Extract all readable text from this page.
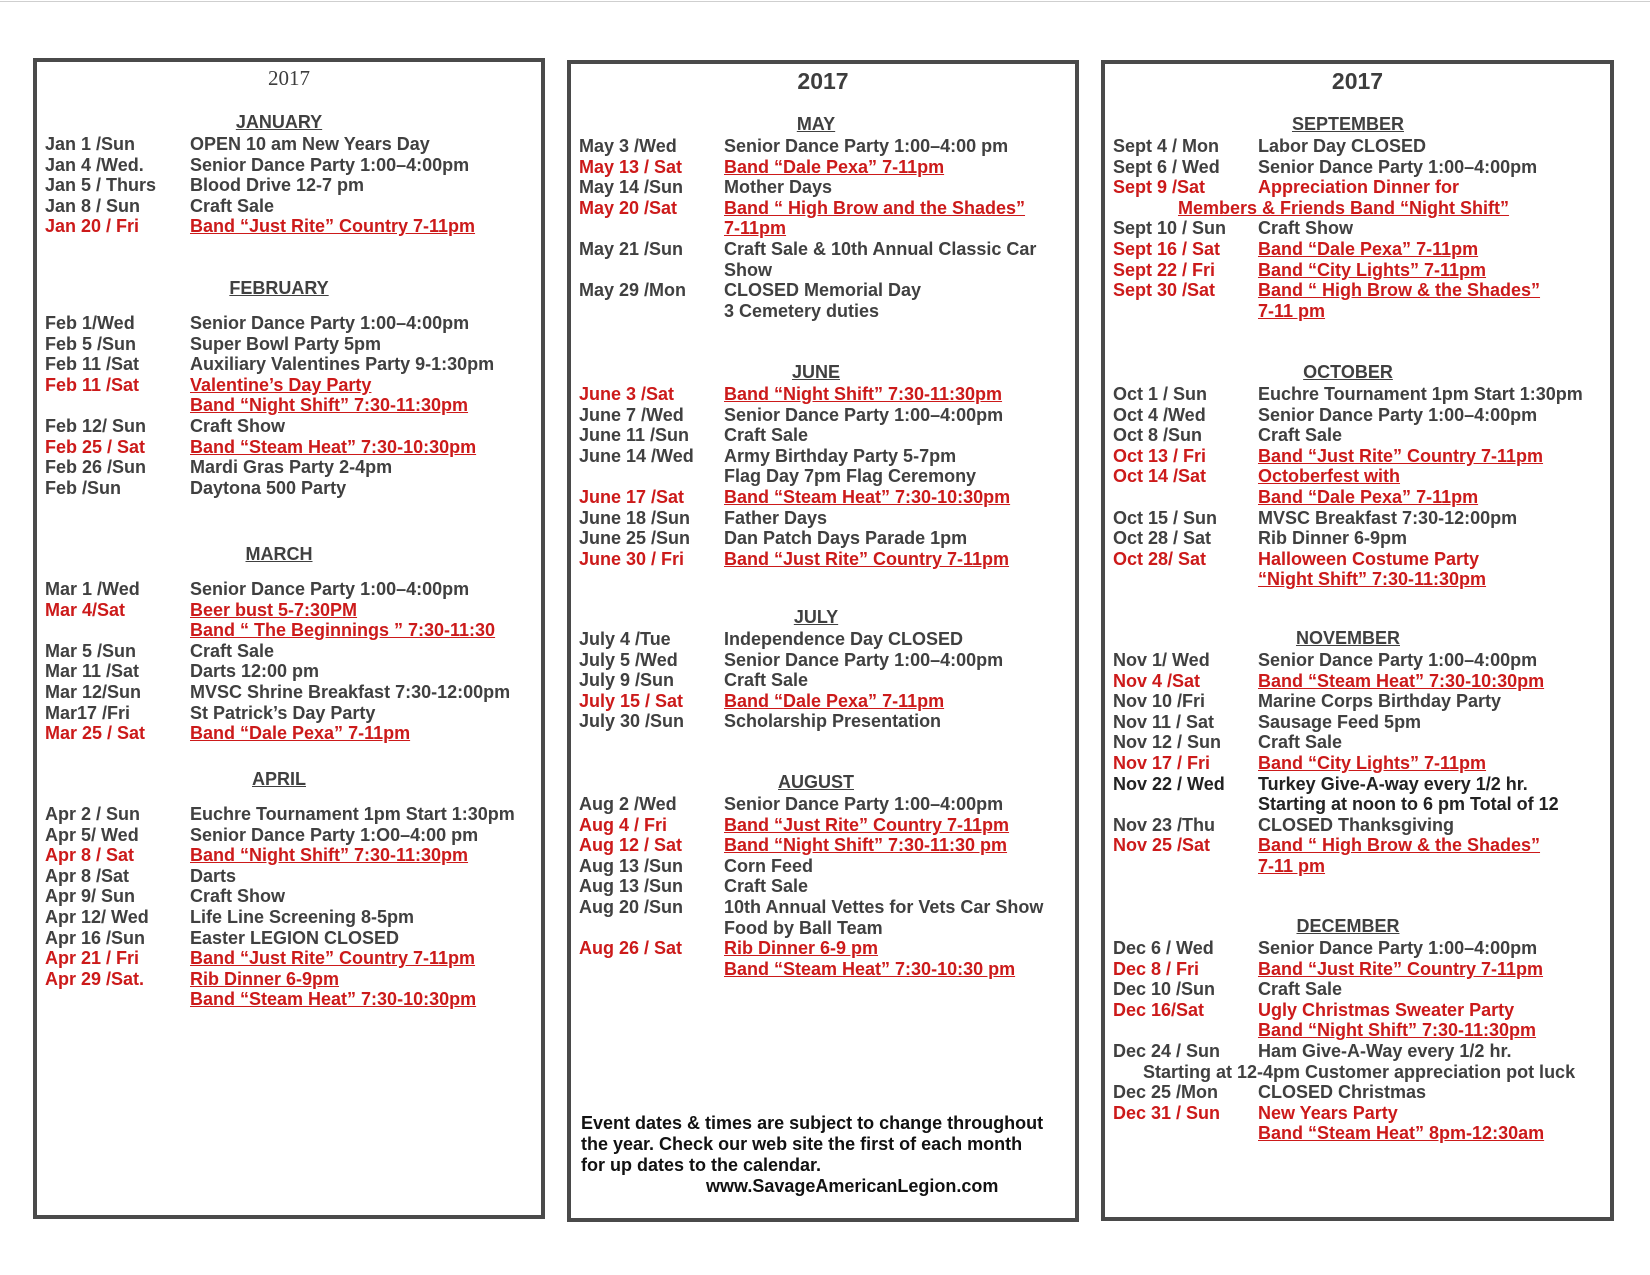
2017
JANUARY
Jan 1 /Sun	OPEN 10 am New Years Day
Jan 4 /Wed.	Senior Dance Party 1:00–4:00pm
Jan 5 / Thurs Blood Drive 12-7 pm
Jan 8 / Sun	Craft Sale
Jan 20 / Fri	Band “Just Rite” Country 7-11pm
FEBRUARY
Feb 1/Wed	Senior Dance Party 1:00–4:00pm
Feb 5 /Sun	Super Bowl Party 5pm
Feb 11 /Sat	Auxiliary Valentines Party 9-1:30pm
Feb 11 /Sat	Valentine’s Day Party
Band “Night Shift” 7:30-11:30pm
Feb 12/ Sun Craft Show
Feb 25 / Sat Band “Steam Heat” 7:30-10:30pm
Feb 26 /Sun Mardi Gras Party 2-4pm
Feb /Sun	Daytona 500 Party
MARCH
Mar 1 /Wed	Senior Dance Party 1:00–4:00pm
Mar 4/Sat	Beer bust 5-7:30PM
Band “ The Beginnings ” 7:30-11:30
Mar 5 /Sun	Craft Sale
Mar 11 /Sat	Darts 12:00 pm
Mar 12/Sun	MVSC Shrine Breakfast 7:30-12:00pm
Mar17 /Fri	St Patrick’s Day Party
Mar 25 / Sat Band “Dale Pexa” 7-11pm
APRIL
Apr 2 / Sun	Euchre Tournament 1pm Start 1:30pm
Apr 5/ Wed	Senior Dance Party 1:O0–4:00 pm
Apr 8 / Sat	Band “Night Shift” 7:30-11:30pm
Apr 8 /Sat	Darts
Apr 9/ Sun	Craft Show
Apr 12/ Wed Life Line Screening 8-5pm
Apr 16 /Sun Easter LEGION CLOSED
Apr 21 / Fri	Band “Just Rite” Country 7-11pm
Apr 29 /Sat.	Rib Dinner 6-9pm
Band “Steam Heat” 7:30-10:30pm
2017

Event dates & times are subject to change throughout

the year. Check our web site the first of each month

for up dates to the calendar.

www.SavageAmericanLegion.com
MAY
May 3 /Wed	Senior Dance Party 1:00–4:00 pm
May 13 / Sat Band “Dale Pexa” 7-11pm
May 14 /Sun Mother Days
May 20 /Sat	Band “ High Brow and the Shades”
7-11pm
May 21 /Sun Craft Sale & 10th Annual Classic Car
Show
May 29 /Mon CLOSED Memorial Day
3 Cemetery duties
JUNE
June 3 /Sat	Band “Night Shift” 7:30-11:30pm
June 7 /Wed Senior Dance Party 1:00–4:00pm
June 11 /Sun Craft Sale
June 14 /Wed Army Birthday Party 5-7pm
Flag Day 7pm Flag Ceremony
June 17 /Sat Band “Steam Heat” 7:30-10:30pm
June 18 /Sun Father Days
June 25 /Sun Dan Patch Days Parade 1pm
June 30 / Fri Band “Just Rite” Country 7-11pm
JULY
July 4 /Tue	Independence Day CLOSED
July 5 /Wed	Senior Dance Party 1:00–4:00pm
July 9 /Sun	Craft Sale
July 15 / Sat Band “Dale Pexa” 7-11pm
July 30 /Sun Scholarship Presentation
AUGUST
Aug 2 /Wed	Senior Dance Party 1:00–4:00pm
Aug 4 / Fri	Band “Just Rite” Country 7-11pm
Aug 12 / Sat Band “Night Shift” 7:30-11:30 pm
Aug 13 /Sun Corn Feed
Aug 13 /Sun Craft Sale
Aug 20 /Sun 10th Annual Vettes for Vets Car Show
Food by Ball Team
Aug 26 / Sat Rib Dinner 6-9 pm
Band “Steam Heat” 7:30-10:30 pm
2017
SEPTEMBER
Sept 4 / Mon Labor Day CLOSED
Sept 6 / Wed Senior Dance Party 1:00–4:00pm
Sept 9 /Sat	Appreciation Dinner for
Members & Friends Band “Night Shift”
Sept 10 / Sun Craft Show
Sept 16 / Sat Band “Dale Pexa” 7-11pm
Sept 22 / Fri Band “City Lights” 7-11pm
Sept 30 /Sat Band “ High Brow & the Shades”
7-11 pm
OCTOBER
Oct 1 / Sun	Euchre Tournament 1pm Start 1:30pm
Oct 4 /Wed	Senior Dance Party 1:00–4:00pm
Oct 8 /Sun	Craft Sale
Oct 13 / Fri	Band “Just Rite” Country 7-11pm
Oct 14 /Sat	Octoberfest with
Band “Dale Pexa” 7-11pm
Oct 15 / Sun MVSC Breakfast 7:30-12:00pm
Oct 28 / Sat	Rib Dinner 6-9pm
Oct 28/ Sat	Halloween Costume Party
“Night Shift” 7:30-11:30pm
NOVEMBER
Nov 1/ Wed	Senior Dance Party 1:00–4:00pm
Nov 4 /Sat	Band “Steam Heat” 7:30-10:30pm
Nov 10 /Fri	Marine Corps Birthday Party
Nov 11 / Sat Sausage Feed 5pm
Nov 12 / Sun Craft Sale
Nov 17 / Fri	Band “City Lights” 7-11pm
Nov 22 / Wed Turkey Give-A-way every 1/2 hr.
Starting at noon to 6 pm Total of 12
Nov 23 /Thu CLOSED Thanksgiving
Nov 25 /Sat	Band “ High Brow & the Shades”
7-11 pm
DECEMBER
Dec 6 / Wed Senior Dance Party 1:00–4:00pm
Dec 8 / Fri	Band “Just Rite” Country 7-11pm
Dec 10 /Sun Craft Sale
Dec 16/Sat	Ugly Christmas Sweater Party
Band “Night Shift” 7:30-11:30pm
Dec 24 / Sun Ham Give-A-Way every 1/2 hr.
Starting at 12-4pm Customer appreciation pot luck
Dec 25 /Mon CLOSED Christmas
Dec 31 / Sun New Years Party
Band “Steam Heat” 8pm-12:30am
